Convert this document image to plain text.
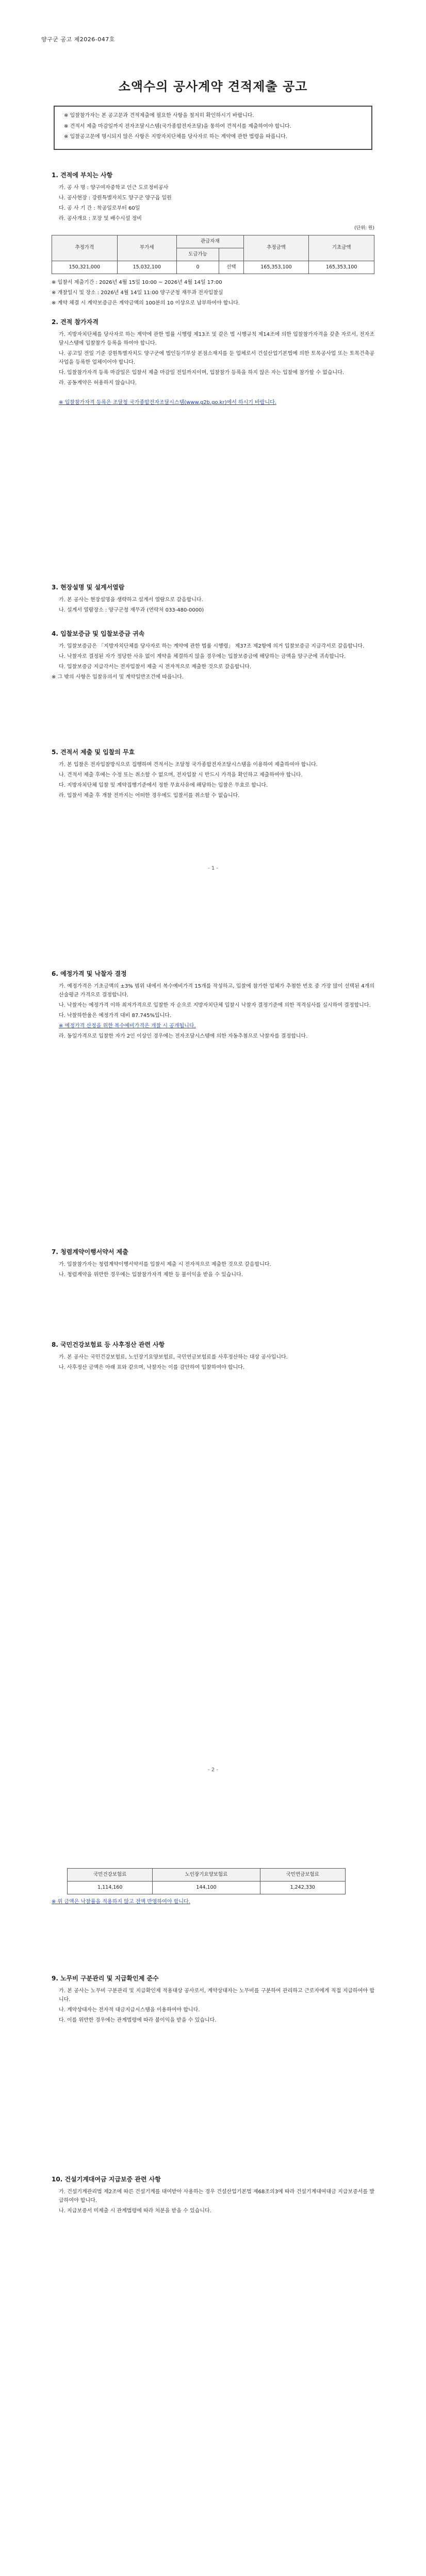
양구군 공고 제2026-047호
소액수의 공사계약 견적제출 공고

※ 입찰참가자는 본 공고문과 견적제출에 필요한 사항을 철저히 확인하시기 바랍니다.

※ 견적서 제출 마감일까지 전자조달시스템(국가종합전자조달)을 통하여 견적서를 제출하여야 합니다.

※ 입찰공고문에 명시되지 않은 사항은 지방자치단체를 당사자로 하는 계약에 관한 법령을 따릅니다.

1. 견적에 부치는 사항

가. 공 사 명 : 양구여자중학교 인근 도로정비공사

나. 공사현장 : 강원특별자치도 양구군 양구읍 일원

다. 공 사 기 간 : 착공일로부터 60일

라. 공사개요 : 포장 및 배수시설 정비

(단위: 원)
추정가격	부가세	관급자재		추정금액	기초금액
		도급가능			
150,321,000	15,032,100	0	선택	165,353,100	165,353,100

※ 입찰서 제출기간 : 2026년 4월 15일 10:00 ~ 2026년 4월 14일 17:00

※ 개찰일시 및 장소 : 2026년 4월 14일 11:00 양구군청 재무과 전자입찰실

※ 계약 체결 시 계약보증금은 계약금액의 100분의 10 이상으로 납부하여야 합니다.

2. 견적 참가자격

가. 지방자치단체를 당사자로 하는 계약에 관한 법률 시행령 제13조 및 같은 법 시행규칙 제14조에 의한 입찰참가자격을 갖춘 자로서, 전자조달시스템에 입찰참가 등록을 하여야 합니다.

나. 공고일 전일 기준 강원특별자치도 양구군에 법인등기부상 본점소재지를 둔 업체로서 건설산업기본법에 의한 토목공사업 또는 토목건축공사업을 등록한 업체이어야 합니다.

다. 입찰참가자격 등록 마감일은 입찰서 제출 마감일 전일까지이며, 입찰참가 등록을 하지 않은 자는 입찰에 참가할 수 없습니다.

라. 공동계약은 허용하지 않습니다.

※ 입찰참가자격 등록은 조달청 국가종합전자조달시스템(www.g2b.go.kr)에서 하시기 바랍니다.

3. 현장설명 및 설계서열람

가. 본 공사는 현장설명을 생략하고 설계서 열람으로 갈음합니다.

나. 설계서 열람장소 : 양구군청 재무과 (연락처 033-480-0000)

4. 입찰보증금 및 입찰보증금 귀속

가. 입찰보증금은 「지방자치단체를 당사자로 하는 계약에 관한 법률 시행령」 제37조 제2항에 의거 입찰보증금 지급각서로 갈음합니다.

나. 낙찰자로 결정된 자가 정당한 사유 없이 계약을 체결하지 않을 경우에는 입찰보증금에 해당하는 금액을 양구군에 귀속합니다.

다. 입찰보증금 지급각서는 전자입찰서 제출 시 전자적으로 제출한 것으로 갈음합니다.

※ 그 밖의 사항은 입찰유의서 및 계약일반조건에 따릅니다.

5. 견적서 제출 및 입찰의 무효

가. 본 입찰은 전자입찰방식으로 집행하며 견적서는 조달청 국가종합전자조달시스템을 이용하여 제출하여야 합니다.

나. 견적서 제출 후에는 수정 또는 취소할 수 없으며, 전자입찰 시 반드시 가격을 확인하고 제출하여야 합니다.

다. 지방자치단체 입찰 및 계약집행기준에서 정한 무효사유에 해당하는 입찰은 무효로 합니다.

라. 입찰서 제출 후 개찰 전까지는 어떠한 경우에도 입찰서를 취소할 수 없습니다.

- 1 -
6. 예정가격 및 낙찰자 결정

가. 예정가격은 기초금액의 ±3% 범위 내에서 복수예비가격 15개를 작성하고, 입찰에 참가한 업체가 추첨한 번호 중 가장 많이 선택된 4개의 산술평균 가격으로 결정합니다.

나. 낙찰자는 예정가격 이하 최저가격으로 입찰한 자 순으로 지방자치단체 입찰시 낙찰자 결정기준에 의한 적격심사를 실시하여 결정합니다.

다. 낙찰하한율은 예정가격 대비 87.745%입니다.

※ 예정가격 산정을 위한 복수예비가격은 개찰 시 공개됩니다.

라. 동일가격으로 입찰한 자가 2인 이상인 경우에는 전자조달시스템에 의한 자동추첨으로 낙찰자를 결정합니다.

7. 청렴계약이행서약서 제출

가. 입찰참가자는 청렴계약이행서약서를 입찰서 제출 시 전자적으로 제출한 것으로 갈음합니다.

나. 청렴계약을 위반한 경우에는 입찰참가자격 제한 등 불이익을 받을 수 있습니다.

8. 국민건강보험료 등 사후정산 관련 사항

가. 본 공사는 국민건강보험료, 노인장기요양보험료, 국민연금보험료를 사후정산하는 대상 공사입니다.

나. 사후정산 금액은 아래 표와 같으며, 낙찰자는 이를 감안하여 입찰하여야 합니다.

- 2 -
국민건강보험료	노인장기요양보험료	국민연금보험료
1,114,160	144,100	1,242,330

※ 위 금액은 낙찰률을 적용하지 않고 전액 반영하여야 합니다.

9. 노무비 구분관리 및 지급확인제 준수

가. 본 공사는 노무비 구분관리 및 지급확인제 적용대상 공사로서, 계약상대자는 노무비를 구분하여 관리하고 근로자에게 직접 지급하여야 합니다.

나. 계약상대자는 전자적 대금지급시스템을 이용하여야 합니다.

다. 이를 위반한 경우에는 관계법령에 따라 불이익을 받을 수 있습니다.

10. 건설기계대여금 지급보증 관련 사항

가. 건설기계관리법 제2조에 따른 건설기계를 대여받아 사용하는 경우 건설산업기본법 제68조의3에 따라 건설기계대여대금 지급보증서를 발급하여야 합니다.

나. 지급보증서 미제출 시 관계법령에 따라 처분을 받을 수 있습니다.
